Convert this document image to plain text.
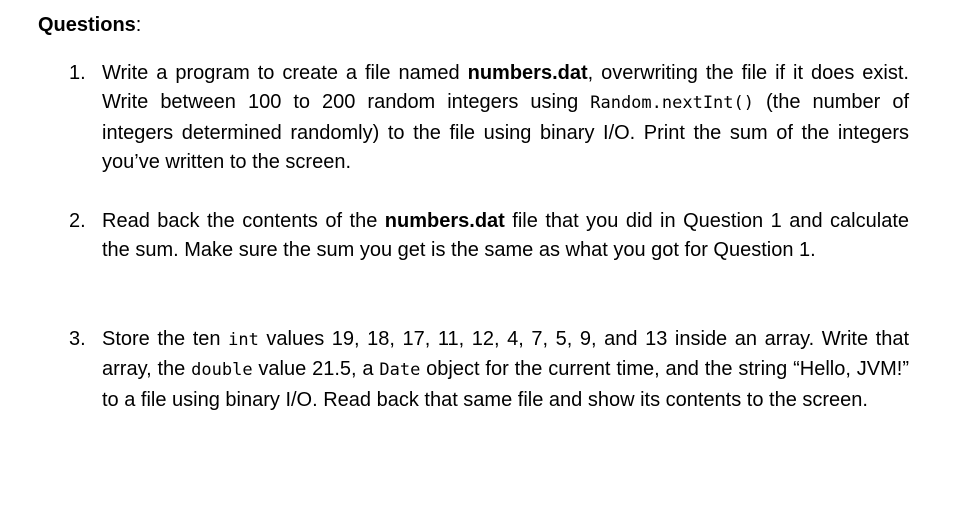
Questions:
1. Write a program to create a file named numbers.dat, overwriting the file if it does exist. Write between 100 to 200 random integers using Random.nextInt() (the number of integers determined randomly) to the file using binary I/O. Print the sum of the integers you’ve written to the screen.
2. Read back the contents of the numbers.dat file that you did in Question 1 and calculate the sum. Make sure the sum you get is the same as what you got for Question 1.
3. Store the ten int values 19, 18, 17, 11, 12, 4, 7, 5, 9, and 13 inside an array. Write that array, the double value 21.5, a Date object for the current time, and the string “Hello, JVM!” to a file using binary I/O. Read back that same file and show its contents to the screen.
